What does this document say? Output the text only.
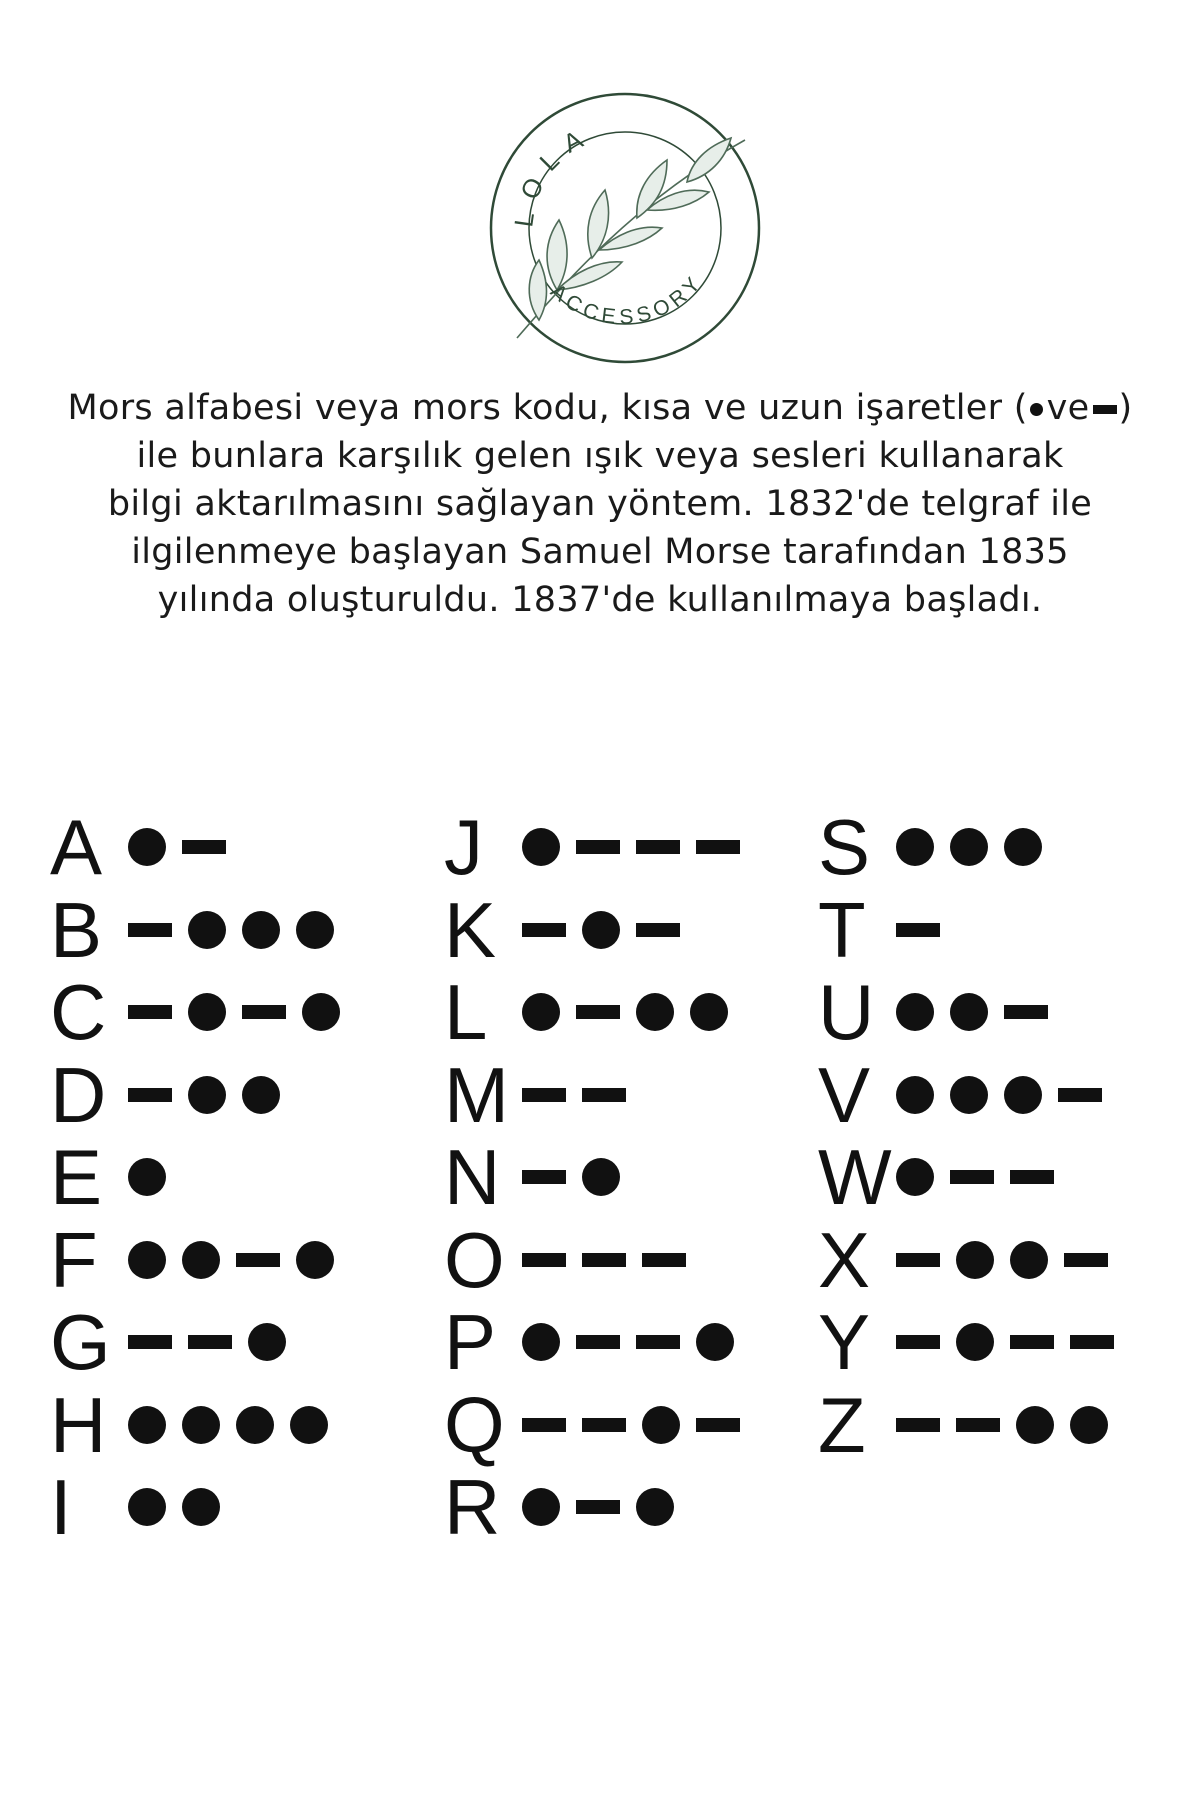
LOLA
ACCESSORY

Mors alfabesi veya mors kodu, kısa ve uzun işaretler ( ve )
ile bunlara karşılık gelen ışık veya sesleri kullanarak
bilgi aktarılmasını sağlayan yöntem. 1832'de telgraf ile
ilgilenmeye başlayan Samuel Morse tarafından 1835
yılında oluşturuldu. 1837'de kullanılmaya başladı.

A
B
C
D
E
F
G
H
I
J
K
L
M
N
O
P
Q
R
S
T
U
V
W
X
Y
Z
